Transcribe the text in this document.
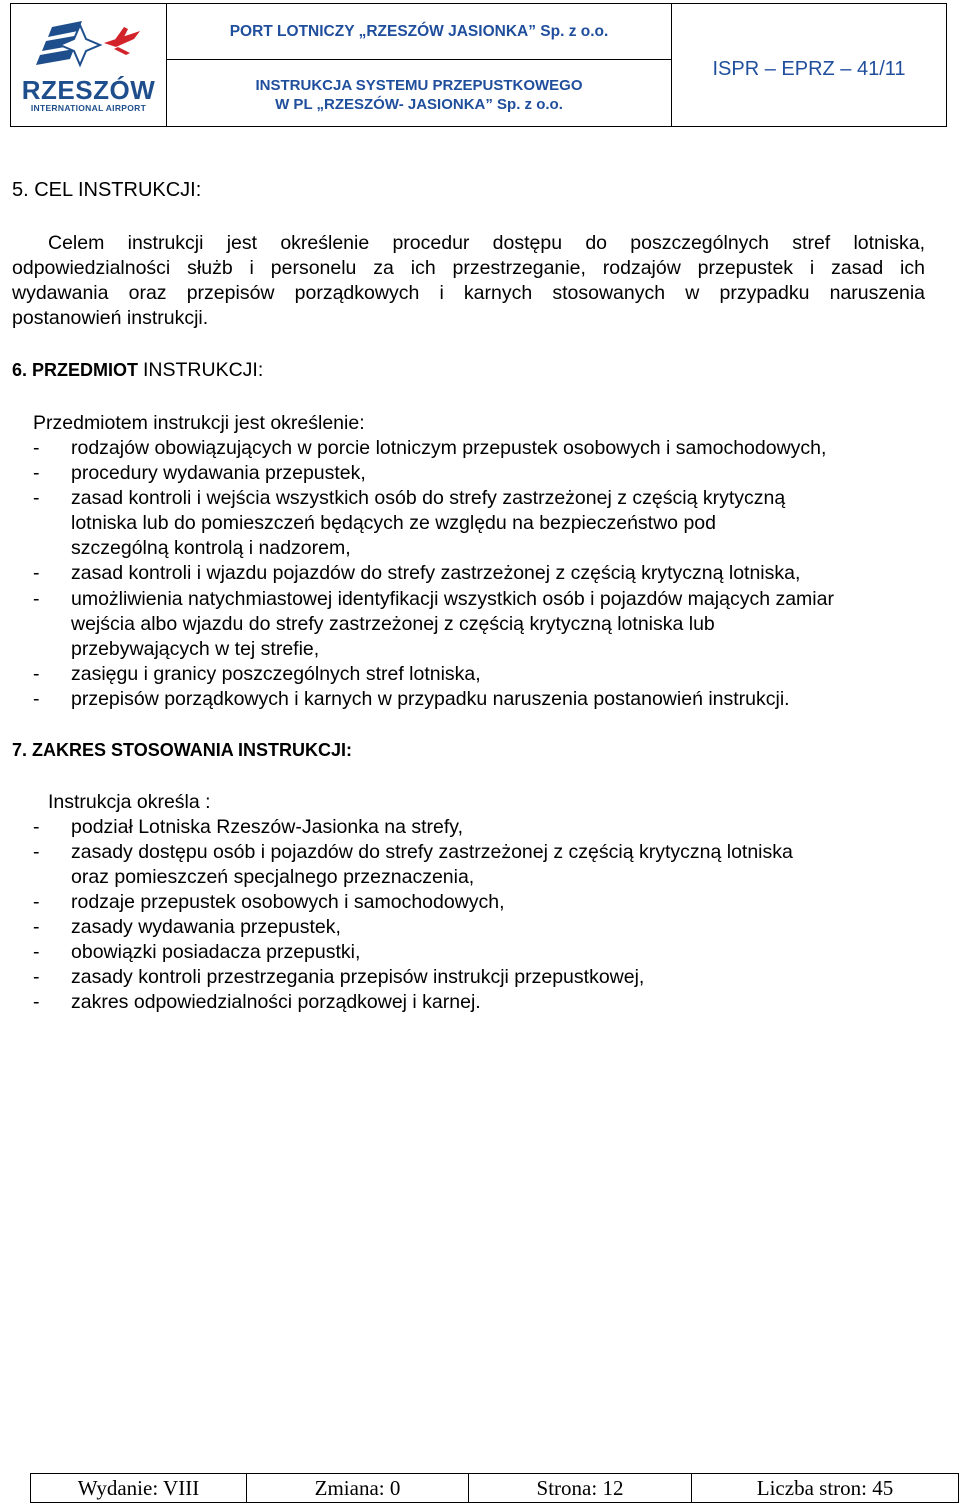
RZESZÓW
INTERNATIONAL AIRPORT
PORT LOTNICZY „RZESZÓW JASIONKA” Sp. z o.o.
INSTRUKCJA SYSTEMU PRZEPUSTKOWEGO
W PL „RZESZÓW- JASIONKA” Sp. z o.o.
ISPR – EPRZ – 41/11
5. CEL INSTRUKCJI:
Celem instrukcji jest określenie procedur dostępu do poszczególnych stref lotniska,
odpowiedzialności służb i personelu za ich przestrzeganie, rodzajów przepustek i zasad ich
wydawania oraz przepisów porządkowych i karnych stosowanych w przypadku naruszenia
postanowień instrukcji.
6. PRZEDMIOT INSTRUKCJI:
Przedmiotem instrukcji jest określenie:
- rodzajów obowiązujących w porcie lotniczym przepustek osobowych i samochodowych,
- procedury wydawania przepustek,
- zasad kontroli i wejścia wszystkich osób do strefy zastrzeżonej z częścią krytyczną
lotniska lub do pomieszczeń będących ze względu na bezpieczeństwo pod
szczególną kontrolą i nadzorem,
- zasad kontroli i wjazdu pojazdów do strefy zastrzeżonej z częścią krytyczną lotniska,
- umożliwienia natychmiastowej identyfikacji wszystkich osób i pojazdów mających zamiar
wejścia albo wjazdu do strefy zastrzeżonej z częścią krytyczną lotniska lub
przebywających w tej strefie,
- zasięgu i granicy poszczególnych stref lotniska,
- przepisów porządkowych i karnych w przypadku naruszenia postanowień instrukcji.
7. ZAKRES STOSOWANIA INSTRUKCJI:
Instrukcja określa :
- podział Lotniska Rzeszów-Jasionka na strefy,
- zasady dostępu osób i pojazdów do strefy zastrzeżonej z częścią krytyczną lotniska
oraz pomieszczeń specjalnego przeznaczenia,
- rodzaje przepustek osobowych i samochodowych,
- zasady wydawania przepustek,
- obowiązki posiadacza przepustki,
- zasady kontroli przestrzegania przepisów instrukcji przepustkowej,
- zakres odpowiedzialności porządkowej i karnej.
Wydanie: VIII	Zmiana: 0	Strona: 12	Liczba stron: 45
